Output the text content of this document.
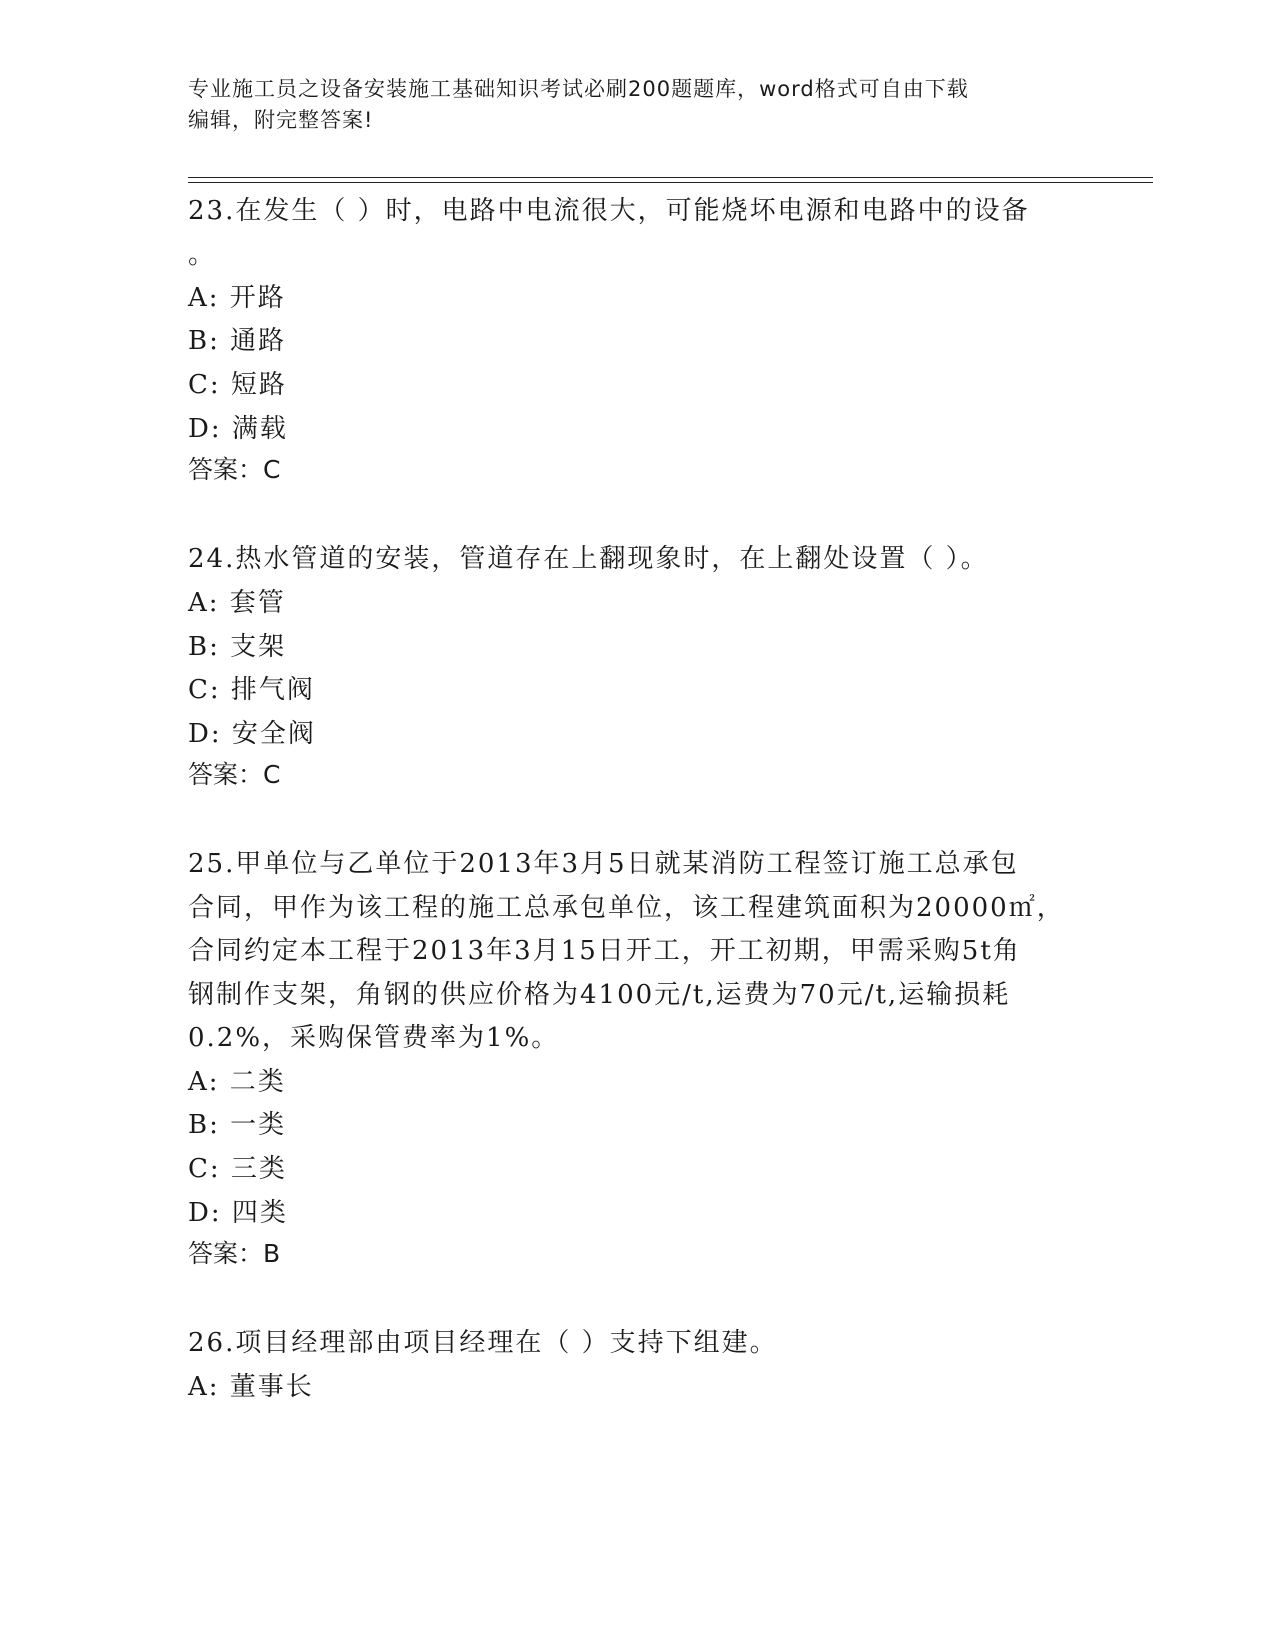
专业施工员之设备安装施工基础知识考试必刷200题题库，word格式可自由下载
编辑，附完整答案!
23.在发生（ ）时，电路中电流很大，可能烧坏电源和电路中的设备
。
A: 开路
B: 通路
C: 短路
D: 满载
答案：C
24.热水管道的安装，管道存在上翻现象时，在上翻处设置（ ）。
A: 套管
B: 支架
C: 排气阀
D: 安全阀
答案：C
25.甲单位与乙单位于2013年3月5日就某消防工程签订施工总承包
合同，甲作为该工程的施工总承包单位，该工程建筑面积为20000㎡，
合同约定本工程于2013年3月15日开工，开工初期，甲需采购5t角
钢制作支架，角钢的供应价格为4100元/t,运费为70元/t,运输损耗
0.2%，采购保管费率为1%。
A: 二类
B: 一类
C: 三类
D: 四类
答案：B
26.项目经理部由项目经理在（ ）支持下组建。
A: 董事长
